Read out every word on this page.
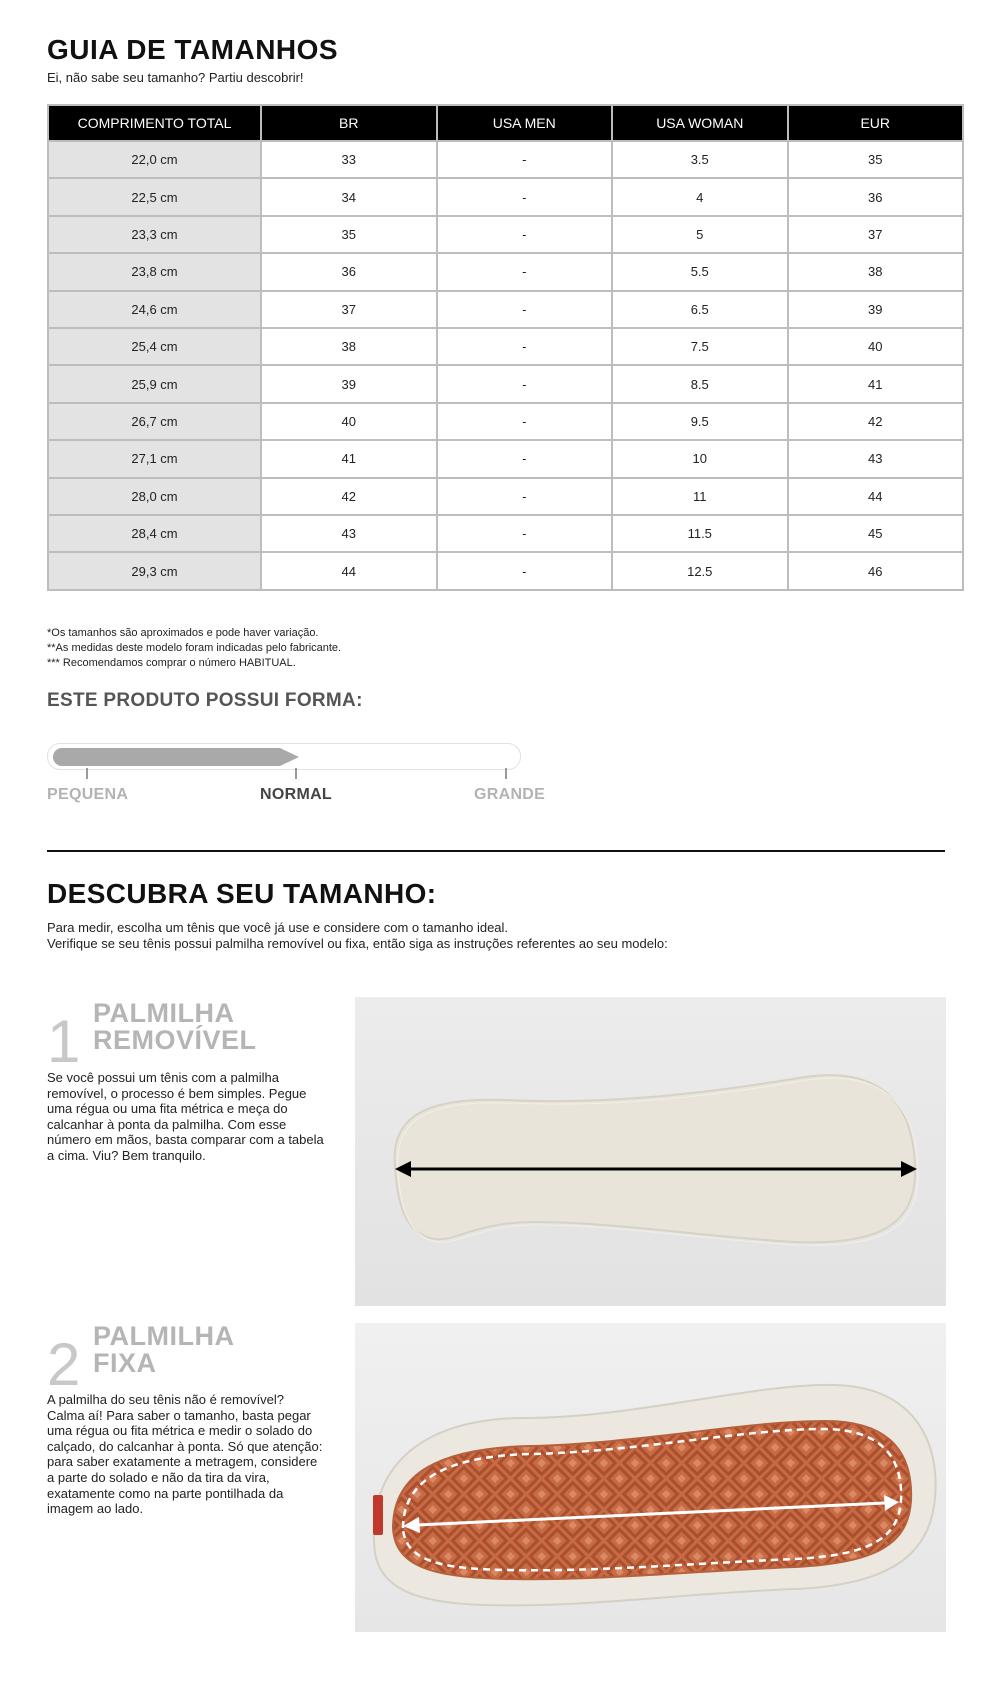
GUIA DE TAMANHOS
Ei, não sabe seu tamanho? Partiu descobrir!
COMPRIMENTO TOTAL	BR	USA MEN	USA WOMAN	EUR
22,0 cm	33	-	3.5	35
22,5 cm	34	-	4	36
23,3 cm	35	-	5	37
23,8 cm	36	-	5.5	38
24,6 cm	37	-	6.5	39
25,4 cm	38	-	7.5	40
25,9 cm	39	-	8.5	41
26,7 cm	40	-	9.5	42
27,1 cm	41	-	10	43
28,0 cm	42	-	11	44
28,4 cm	43	-	11.5	45
29,3 cm	44	-	12.5	46
*Os tamanhos são aproximados e pode haver variação.
**As medidas deste modelo foram indicadas pelo fabricante.
*** Recomendamos comprar o número HABITUAL.
ESTE PRODUTO POSSUI FORMA:
PEQUENA	NORMAL	GRANDE
DESCUBRA SEU TAMANHO:
Para medir, escolha um tênis que você já use e considere com o tamanho ideal.
Verifique se seu tênis possui palmilha removível ou fixa, então siga as instruções referentes ao seu modelo:
1 PALMILHA
REMOVÍVEL
Se você possui um tênis com a palmilha removível, o processo é bem simples. Pegue uma régua ou uma fita métrica e meça do calcanhar à ponta da palmilha. Com esse número em mãos, basta comparar com a tabela a cima. Viu? Bem tranquilo.
2 PALMILHA
FIXA
A palmilha do seu tênis não é removível? Calma aí! Para saber o tamanho, basta pegar uma régua ou fita métrica e medir o solado do calçado, do calcanhar à ponta. Só que atenção: para saber exatamente a metragem, considere a parte do solado e não da tira da vira, exatamente como na parte pontilhada da imagem ao lado.
